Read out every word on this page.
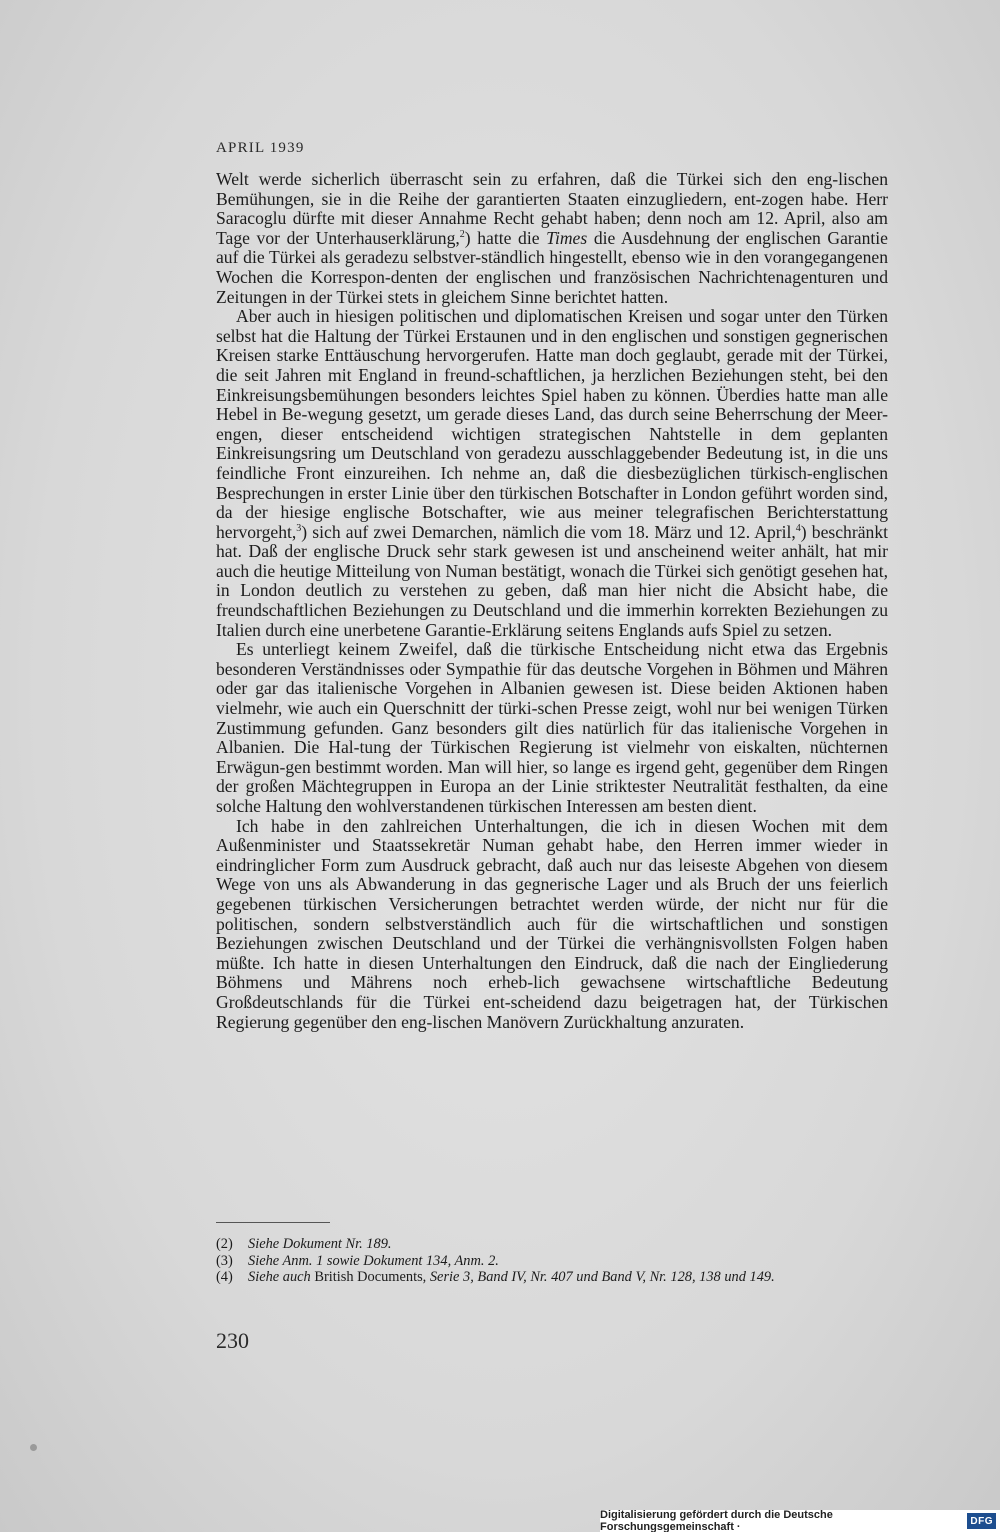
APRIL 1939

Welt werde sicherlich überrascht sein zu erfahren, daß die Türkei sich den eng-lischen Bemühungen, sie in die Reihe der garantierten Staaten einzugliedern, ent-zogen habe. Herr Saracoglu dürfte mit dieser Annahme Recht gehabt haben; denn noch am 12. April, also am Tage vor der Unterhauserklärung,$^2$) hatte die Times die Ausdehnung der englischen Garantie auf die Türkei als geradezu selbstver-ständlich hingestellt, ebenso wie in den vorangegangenen Wochen die Korrespon-denten der englischen und französischen Nachrichtenagenturen und Zeitungen in der Türkei stets in gleichem Sinne berichtet hatten.

Aber auch in hiesigen politischen und diplomatischen Kreisen und sogar unter den Türken selbst hat die Haltung der Türkei Erstaunen und in den englischen und sonstigen gegnerischen Kreisen starke Enttäuschung hervorgerufen. Hatte man doch geglaubt, gerade mit der Türkei, die seit Jahren mit England in freund-schaftlichen, ja herzlichen Beziehungen steht, bei den Einkreisungsbemühungen besonders leichtes Spiel haben zu können. Überdies hatte man alle Hebel in Be-wegung gesetzt, um gerade dieses Land, das durch seine Beherrschung der Meer-engen, dieser entscheidend wichtigen strategischen Nahtstelle in dem geplanten Einkreisungsring um Deutschland von geradezu ausschlaggebender Bedeutung ist, in die uns feindliche Front einzureihen. Ich nehme an, daß die diesbezüglichen türkisch-englischen Besprechungen in erster Linie über den türkischen Botschafter in London geführt worden sind, da der hiesige englische Botschafter, wie aus meiner telegrafischen Berichterstattung hervorgeht,$^3$) sich auf zwei Demarchen, nämlich die vom 18. März und 12. April,$^4$) beschränkt hat. Daß der englische Druck sehr stark gewesen ist und anscheinend weiter anhält, hat mir auch die heutige Mitteilung von Numan bestätigt, wonach die Türkei sich genötigt gesehen hat, in London deutlich zu verstehen zu geben, daß man hier nicht die Absicht habe, die freundschaftlichen Beziehungen zu Deutschland und die immerhin korrekten Beziehungen zu Italien durch eine unerbetene Garantie-Erklärung seitens Englands aufs Spiel zu setzen.

Es unterliegt keinem Zweifel, daß die türkische Entscheidung nicht etwa das Ergebnis besonderen Verständnisses oder Sympathie für das deutsche Vorgehen in Böhmen und Mähren oder gar das italienische Vorgehen in Albanien gewesen ist. Diese beiden Aktionen haben vielmehr, wie auch ein Querschnitt der türki-schen Presse zeigt, wohl nur bei wenigen Türken Zustimmung gefunden. Ganz besonders gilt dies natürlich für das italienische Vorgehen in Albanien. Die Hal-tung der Türkischen Regierung ist vielmehr von eiskalten, nüchternen Erwägun-gen bestimmt worden. Man will hier, so lange es irgend geht, gegenüber dem Ringen der großen Mächtegruppen in Europa an der Linie striktester Neutralität festhalten, da eine solche Haltung den wohlverstandenen türkischen Interessen am besten dient.

Ich habe in den zahlreichen Unterhaltungen, die ich in diesen Wochen mit dem Außenminister und Staatssekretär Numan gehabt habe, den Herren immer wieder in eindringlicher Form zum Ausdruck gebracht, daß auch nur das leiseste Abgehen von diesem Wege von uns als Abwanderung in das gegnerische Lager und als Bruch der uns feierlich gegebenen türkischen Versicherungen betrachtet werden würde, der nicht nur für die politischen, sondern selbstverständlich auch für die wirtschaftlichen und sonstigen Beziehungen zwischen Deutschland und der Türkei die verhängnisvollsten Folgen haben müßte. Ich hatte in diesen Unterhaltungen den Eindruck, daß die nach der Eingliederung Böhmens und Mährens noch erheb-lich gewachsene wirtschaftliche Bedeutung Großdeutschlands für die Türkei ent-scheidend dazu beigetragen hat, der Türkischen Regierung gegenüber den eng-lischen Manövern Zurückhaltung anzuraten.

(2)	Siehe Dokument Nr. 189.
(3)	Siehe Anm. 1 sowie Dokument 134, Anm. 2.
(4)	Siehe auch British Documents, Serie 3, Band IV, Nr. 407 und Band V, Nr. 128, 138 und 149.
230
Digitalisierung gefördert durch die Deutsche Forschungsgemeinschaft ·	DFG
